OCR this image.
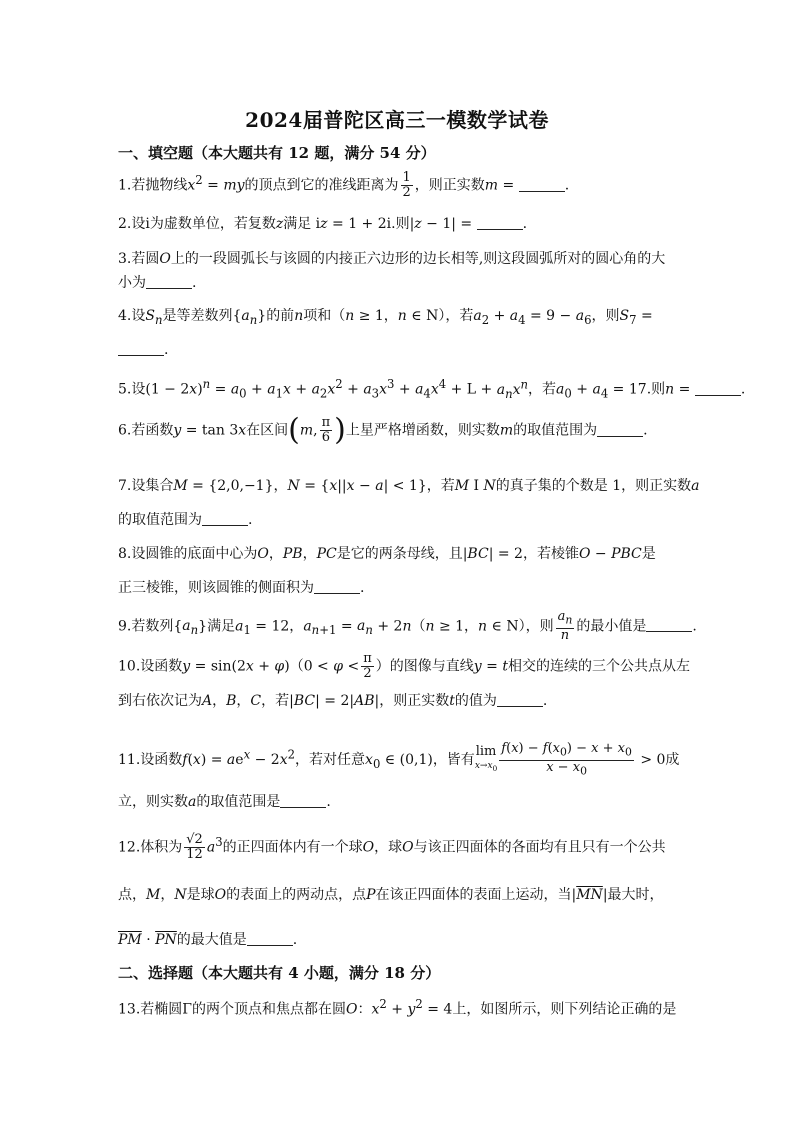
2024届普陀区高三一模数学试卷
一、填空题（本大题共有 12 题，满分 54 分）
1.若抛物线$x^2$ = my的顶点到它的准线距离为 $\frac{1}{2}$ ，则正实数m =	.
2.设i为虚数单位，若复数z满足 iz = 1 + 2i.则|z − 1| =	.
3.若圆O上的一段圆弧长与该圆的内接正六边形的边长相等,则这段圆弧所对的圆心角的大
小为	.
4.设$S_n$是等差数列$\{a_n\}$的前n项和（n ≥ 1，n ∈ N），若$a_2 + a_4 = 9 - a_6$，则$S_7$ =
.
5.设$(1 - 2x)^n = a_0 + a_1x + a_2x^2 + a_3x^3 + a_4x^4 + L + a_nx^n$，若$a_0 + a_4 = 17$.则n =	.
6.若函数y = tan 3x在区间(m, $\frac{\pi}{6}$ )上星严格增函数，则实数m的取值范围为	.
7.设集合M = {2,0,−1}，N = {x||x − a| < 1}，若M I N的真子集的个数是 1，则正实数a
的取值范围为	.
8.设圆锥的底面中心为O，PB，PC是它的两条母线，且|BC| = 2，若棱锥O − PBC是
正三棱锥，则该圆锥的侧面积为	.
9.若数列$\{a_n\}$满足$a_1 = 12$，$a_{n+1} = a_n + 2n(n \ge 1$，n ∈ N），则 $\frac{a_n}{n}$ 的最小值是	.
10.设函数$y = \sin(2x + \varphi)(0 < \varphi < \frac{\pi}{2}$ ）的图像与直线y = t相交的连续的三个公共点从左
到右依次记为A，B，C，若|BC| = 2|AB|，则正实数t的值为	.
11.设函数$f(x) = ae^x - 2x^2$，若对任意$x_0$ ∈ (0,1)，皆有lim
$x\to x_0 \frac{f(x) - f(x_0) - x + x_0}{x - x_0} > 0$成
立，则实数a的取值范围是	.
12.体积为 $\frac{√2}{12} a^3$的正四面体内有一个球O，球O与该正四面体的各面均有且只有一个公共
点，M，N是球O的表面上的两动点，点P在该正四面体的表面上运动，当$|\overline{MN}|$最大时，
$\overline{PM} \cdot \overline{PN}$的最大值是	.
二、选择题（本大题共有 4 小题，满分 18 分）
13.若椭圆Γ的两个顶点和焦点都在圆O：$x^2 + y^2 = 4$上，如图所示，则下列结论正确的是
